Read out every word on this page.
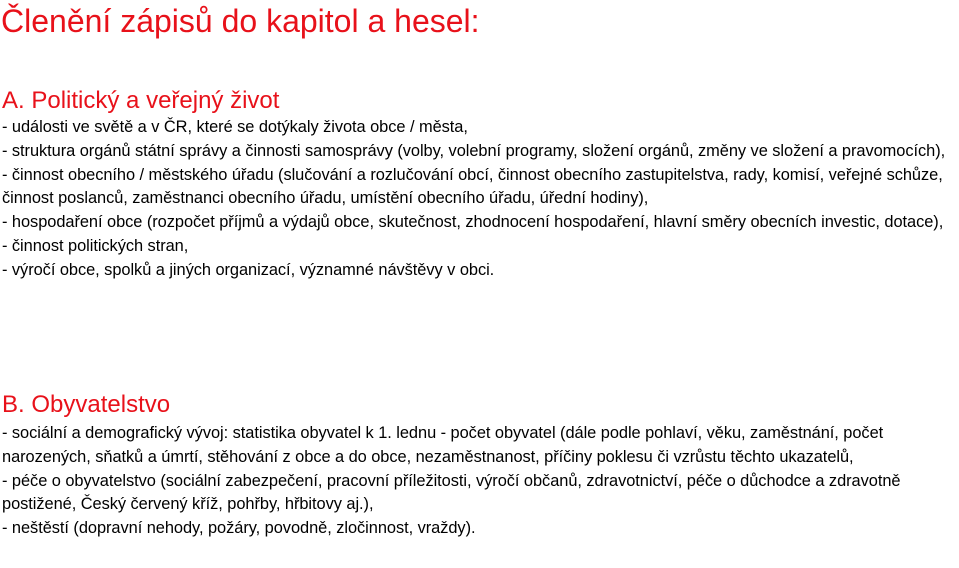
Členění zápisů do kapitol a hesel:
A. Politický a veřejný život
- události ve světě a v ČR, které se dotýkaly života obce / města,
- struktura orgánů státní správy a činnosti samosprávy (volby, volební programy, složení orgánů, změny ve složení a pravomocích),
- činnost obecního / městského úřadu (slučování a rozlučování obcí, činnost obecního zastupitelstva, rady, komisí, veřejné schůze, činnost poslanců, zaměstnanci obecního úřadu, umístění obecního úřadu, úřední hodiny),
- hospodaření obce (rozpočet příjmů a výdajů obce, skutečnost, zhodnocení hospodaření, hlavní směry obecních investic, dotace),
- činnost politických stran,
- výročí obce, spolků a jiných organizací, významné návštěvy v obci.
B. Obyvatelstvo
- sociální a demografický vývoj: statistika obyvatel k 1. lednu - počet obyvatel (dále podle pohlaví, věku, zaměstnání, počet narozených, sňatků a úmrtí, stěhování z obce a do obce, nezaměstnanost, příčiny poklesu či vzrůstu těchto ukazatelů,
- péče o obyvatelstvo (sociální zabezpečení, pracovní příležitosti, výročí občanů, zdravotnictví, péče o důchodce a zdravotně postižené, Český červený kříž, pohřby, hřbitovy aj.),
- neštěstí (dopravní nehody, požáry, povodně, zločinnost, vraždy).
